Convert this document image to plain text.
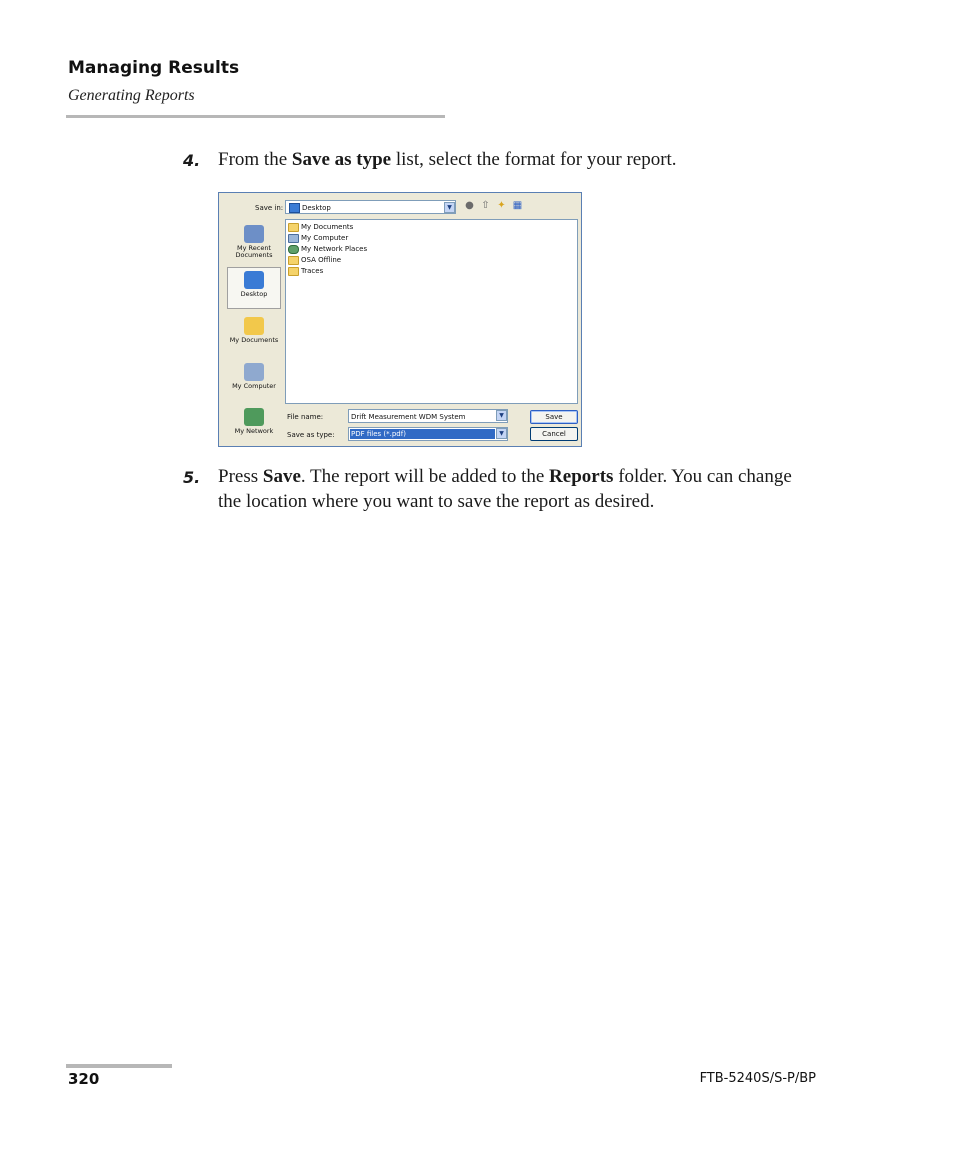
Managing Results
Generating Reports
4. From the Save as type list, select the format for your report.
Save in:	Desktop	▼	● ⇧ ✦ ▦
My Recent Documents
Desktop
My Documents
My Computer
My Network
My Documents
My Computer
My Network Places
OSA Offline
Traces
File name:	Drift Measurement WDM System	▼
Save as type: PDF files (*.pdf)	▼
Save
Cancel
5. Press Save. The report will be added to the Reports folder. You can change the location where you want to save the report as desired.
320	FTB-5240S/S-P/BP
